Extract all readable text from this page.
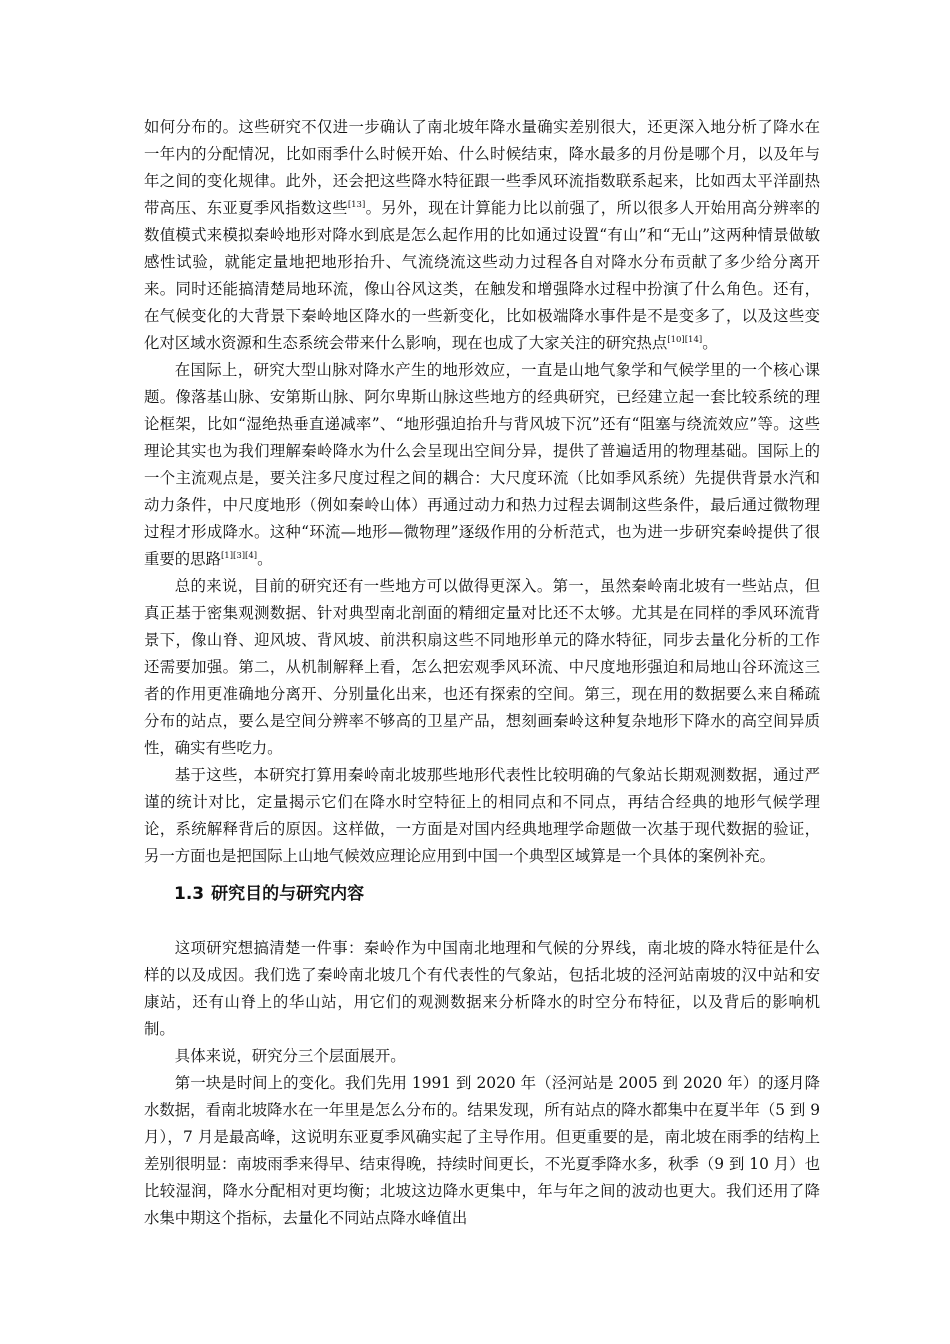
如何分布的。这些研究不仅进一步确认了南北坡年降水量确实差别很大，还更深入地分析了降水在一年内的分配情况，比如雨季什么时候开始、什么时候结束，降水最多的月份是哪个月，以及年与年之间的变化规律。此外，还会把这些降水特征跟一些季风环流指数联系起来，比如西太平洋副热带高压、东亚夏季风指数这些[13]。另外，现在计算能力比以前强了，所以很多人开始用高分辨率的数值模式来模拟秦岭地形对降水到底是怎么起作用的比如通过设置“有山”和“无山”这两种情景做敏感性试验，就能定量地把地形抬升、气流绕流这些动力过程各自对降水分布贡献了多少给分离开来。同时还能搞清楚局地环流，像山谷风这类，在触发和增强降水过程中扮演了什么角色。还有，在气候变化的大背景下秦岭地区降水的一些新变化，比如极端降水事件是不是变多了，以及这些变化对区域水资源和生态系统会带来什么影响，现在也成了大家关注的研究热点[10][14]。

在国际上，研究大型山脉对降水产生的地形效应，一直是山地气象学和气候学里的一个核心课题。像落基山脉、安第斯山脉、阿尔卑斯山脉这些地方的经典研究，已经建立起一套比较系统的理论框架，比如“湿绝热垂直递减率”、“地形强迫抬升与背风坡下沉”还有“阻塞与绕流效应”等。这些理论其实也为我们理解秦岭降水为什么会呈现出空间分异，提供了普遍适用的物理基础。国际上的一个主流观点是，要关注多尺度过程之间的耦合：大尺度环流（比如季风系统）先提供背景水汽和动力条件，中尺度地形（例如秦岭山体）再通过动力和热力过程去调制这些条件，最后通过微物理过程才形成降水。这种“环流—地形—微物理”逐级作用的分析范式，也为进一步研究秦岭提供了很重要的思路[1][3][4]。

总的来说，目前的研究还有一些地方可以做得更深入。第一，虽然秦岭南北坡有一些站点，但真正基于密集观测数据、针对典型南北剖面的精细定量对比还不太够。尤其是在同样的季风环流背景下，像山脊、迎风坡、背风坡、前洪积扇这些不同地形单元的降水特征，同步去量化分析的工作还需要加强。第二，从机制解释上看，怎么把宏观季风环流、中尺度地形强迫和局地山谷环流这三者的作用更准确地分离开、分别量化出来，也还有探索的空间。第三，现在用的数据要么来自稀疏分布的站点，要么是空间分辨率不够高的卫星产品，想刻画秦岭这种复杂地形下降水的高空间异质性，确实有些吃力。

基于这些，本研究打算用秦岭南北坡那些地形代表性比较明确的气象站长期观测数据，通过严谨的统计对比，定量揭示它们在降水时空特征上的相同点和不同点，再结合经典的地形气候学理论，系统解释背后的原因。这样做，一方面是对国内经典地理学命题做一次基于现代数据的验证，另一方面也是把国际上山地气候效应理论应用到中国一个典型区域算是一个具体的案例补充。

1.3 研究目的与研究内容

这项研究想搞清楚一件事：秦岭作为中国南北地理和气候的分界线，南北坡的降水特征是什么样的以及成因。我们选了秦岭南北坡几个有代表性的气象站，包括北坡的泾河站南坡的汉中站和安康站，还有山脊上的华山站，用它们的观测数据来分析降水的时空分布特征，以及背后的影响机制。

具体来说，研究分三个层面展开。

第一块是时间上的变化。我们先用 1991 到 2020 年（泾河站是 2005 到 2020 年）的逐月降水数据，看南北坡降水在一年里是怎么分布的。结果发现，所有站点的降水都集中在夏半年（5 到 9 月），7 月是最高峰，这说明东亚夏季风确实起了主导作用。但更重要的是，南北坡在雨季的结构上差别很明显：南坡雨季来得早、结束得晚，持续时间更长，不光夏季降水多，秋季（9 到 10 月）也比较湿润，降水分配相对更均衡；北坡这边降水更集中，年与年之间的波动也更大。我们还用了降水集中期这个指标，去量化不同站点降水峰值出
